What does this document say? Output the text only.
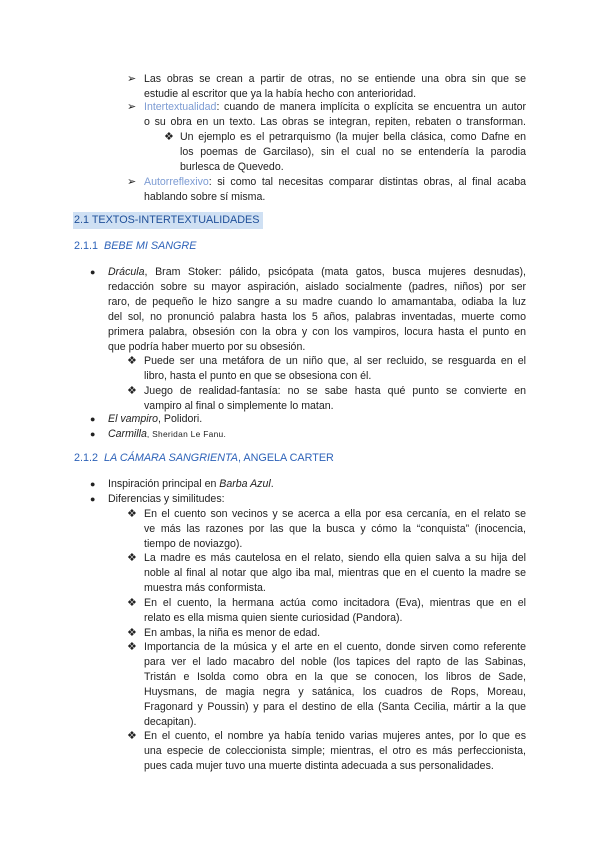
➢ Las obras se crean a partir de otras, no se entiende una obra sin que se
estudie al escritor que ya la había hecho con anterioridad.
➢ Intertextualidad: cuando de manera implícita o explícita se encuentra un autor
o su obra en un texto. Las obras se integran, repiten, rebaten o transforman.
❖ Un ejemplo es el petrarquismo (la mujer bella clásica, como Dafne en
los poemas de Garcilaso), sin el cual no se entendería la parodia
burlesca de Quevedo.
➢ Autorreflexivo: si como tal necesitas comparar distintas obras, al final acaba
hablando sobre sí misma.
2.1 TEXTOS-INTERTEXTUALIDADES
2.1.1 BEBE MI SANGRE
● Drácula, Bram Stoker: pálido, psicópata (mata gatos, busca mujeres desnudas),
redacción sobre su mayor aspiración, aislado socialmente (padres, niños) por ser
raro, de pequeño le hizo sangre a su madre cuando lo amamantaba, odiaba la luz
del sol, no pronunció palabra hasta los 5 años, palabras inventadas, muerte como
primera palabra, obsesión con la obra y con los vampiros, locura hasta el punto en
que podría haber muerto por su obsesión.
❖ Puede ser una metáfora de un niño que, al ser recluido, se resguarda en el
libro, hasta el punto en que se obsesiona con él.
❖ Juego de realidad-fantasía: no se sabe hasta qué punto se convierte en
vampiro al final o simplemente lo matan.
● El vampiro, Polidori.
● Carmilla, Sheridan Le Fanu.
2.1.2 LA CÁMARA SANGRIENTA, ANGELA CARTER
● Inspiración principal en Barba Azul.
● Diferencias y similitudes:
❖ En el cuento son vecinos y se acerca a ella por esa cercanía, en el relato se
ve más las razones por las que la busca y cómo la “conquista” (inocencia,
tiempo de noviazgo).
❖ La madre es más cautelosa en el relato, siendo ella quien salva a su hija del
noble al final al notar que algo iba mal, mientras que en el cuento la madre se
muestra más conformista.
❖ En el cuento, la hermana actúa como incitadora (Eva), mientras que en el
relato es ella misma quien siente curiosidad (Pandora).
❖ En ambas, la niña es menor de edad.
❖ Importancia de la música y el arte en el cuento, donde sirven como referente
para ver el lado macabro del noble (los tapices del rapto de las Sabinas,
Tristán e Isolda como obra en la que se conocen, los libros de Sade,
Huysmans, de magia negra y satánica, los cuadros de Rops, Moreau,
Fragonard y Poussin) y para el destino de ella (Santa Cecilia, mártir a la que
decapitan).
❖ En el cuento, el nombre ya había tenido varias mujeres antes, por lo que es
una especie de coleccionista simple; mientras, el otro es más perfeccionista,
pues cada mujer tuvo una muerte distinta adecuada a sus personalidades.
